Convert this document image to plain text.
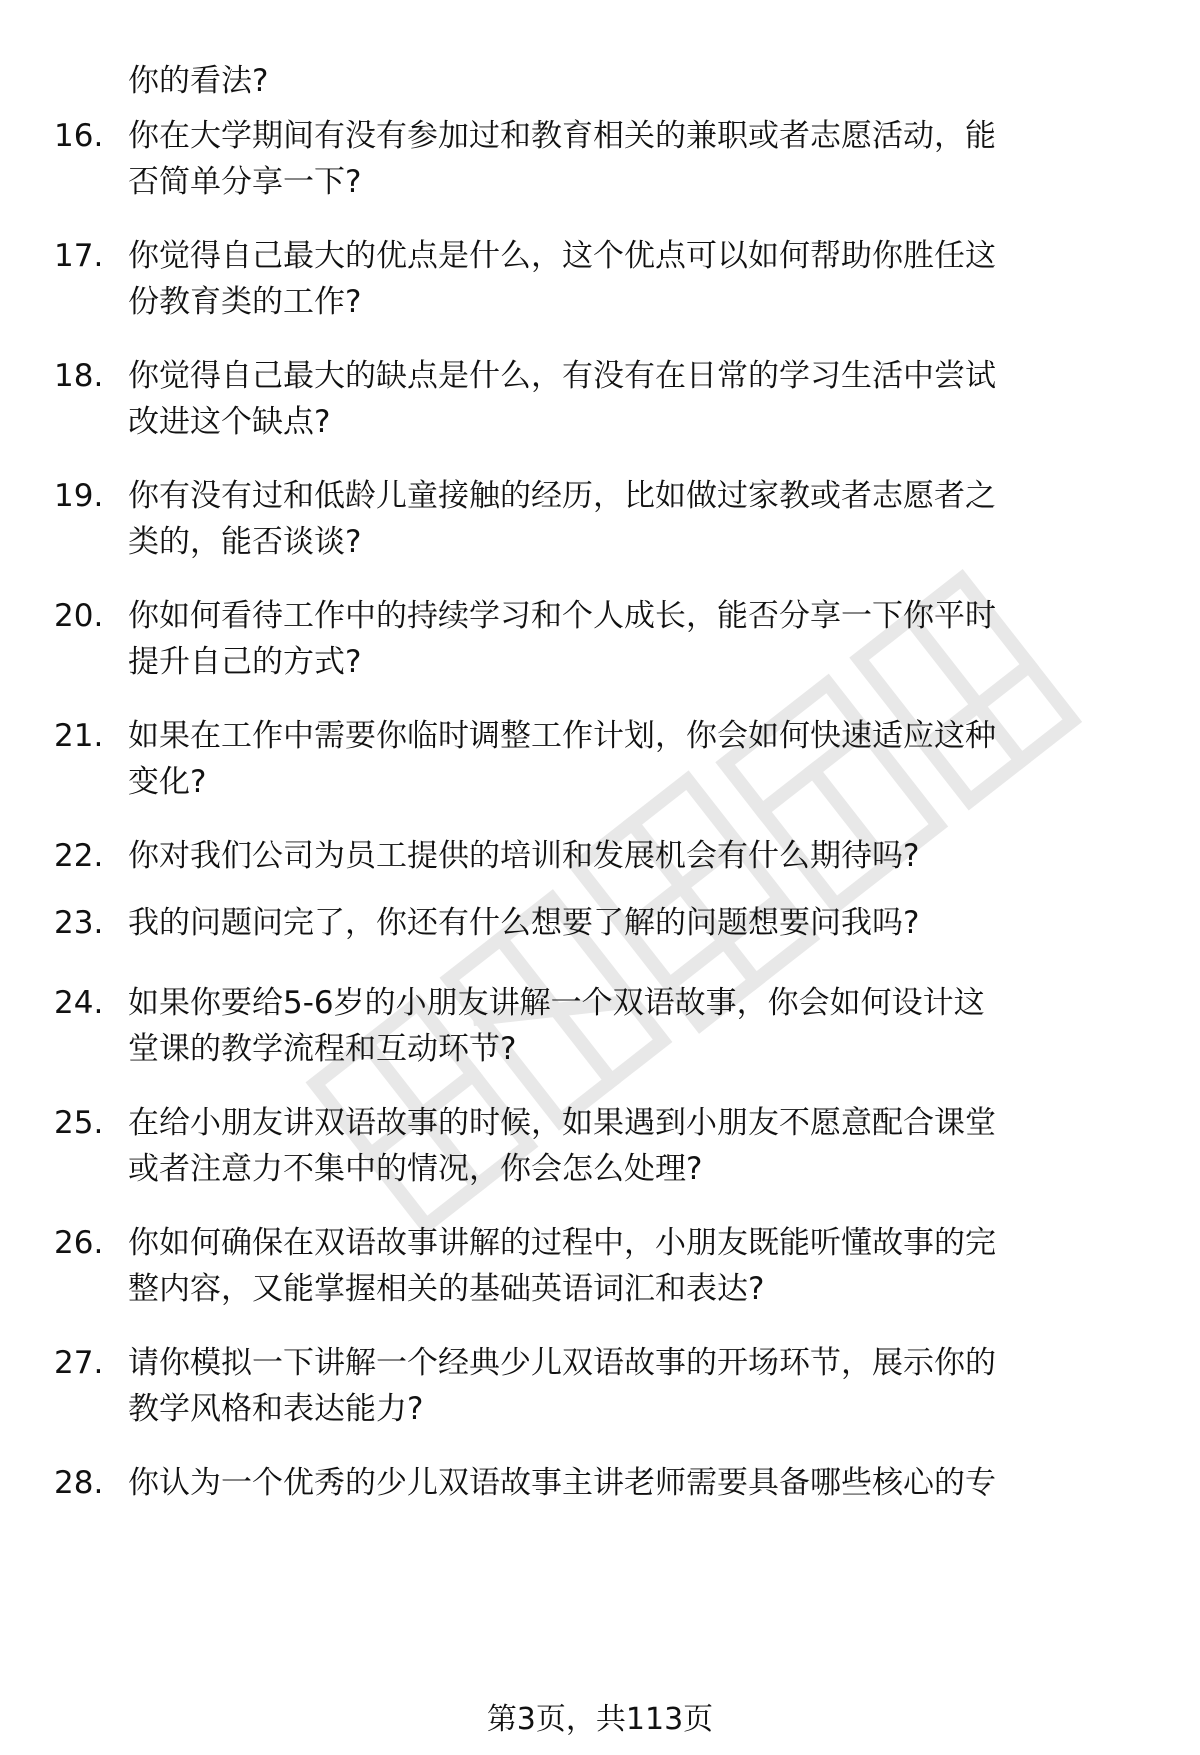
你的看法?
16. 你在大学期间有没有参加过和教育相关的兼职或者志愿活动，能
否简单分享一下?
17. 你觉得自己最大的优点是什么，这个优点可以如何帮助你胜任这
份教育类的工作?
18. 你觉得自己最大的缺点是什么，有没有在日常的学习生活中尝试
改进这个缺点?
19. 你有没有过和低龄儿童接触的经历，比如做过家教或者志愿者之
类的，能否谈谈?
20. 你如何看待工作中的持续学习和个人成长，能否分享一下你平时
提升自己的方式?
21. 如果在工作中需要你临时调整工作计划，你会如何快速适应这种
变化?
22. 你对我们公司为员工提供的培训和发展机会有什么期待吗?
23. 我的问题问完了，你还有什么想要了解的问题想要问我吗?
24. 如果你要给5-6岁的小朋友讲解一个双语故事，你会如何设计这
堂课的教学流程和互动环节?
25. 在给小朋友讲双语故事的时候，如果遇到小朋友不愿意配合课堂
或者注意力不集中的情况，你会怎么处理?
26. 你如何确保在双语故事讲解的过程中，小朋友既能听懂故事的完
整内容，又能掌握相关的基础英语词汇和表达?
27. 请你模拟一下讲解一个经典少儿双语故事的开场环节，展示你的
教学风格和表达能力?
28. 你认为一个优秀的少儿双语故事主讲老师需要具备哪些核心的专
第3页，共113页
